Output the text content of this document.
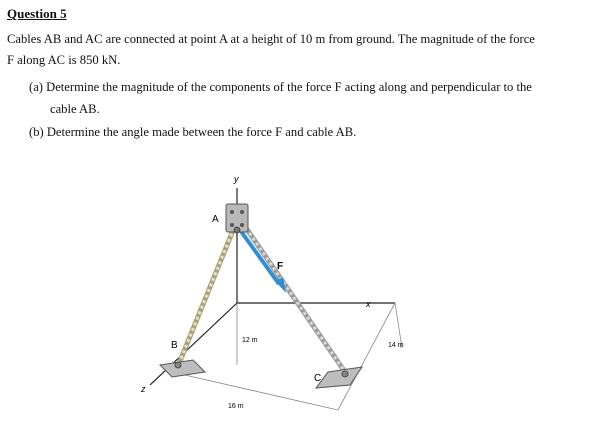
Question 5
Cables AB and AC are connected at point A at a height of 10 m from ground. The magnitude of the force
F along AC is 850 kN.
(a) Determine the magnitude of the components of the force F acting along and perpendicular to the
cable AB.
(b) Determine the angle made between the force F and cable AB.
y
x
z
A
B
C
F
12 m
14 m
16 m
